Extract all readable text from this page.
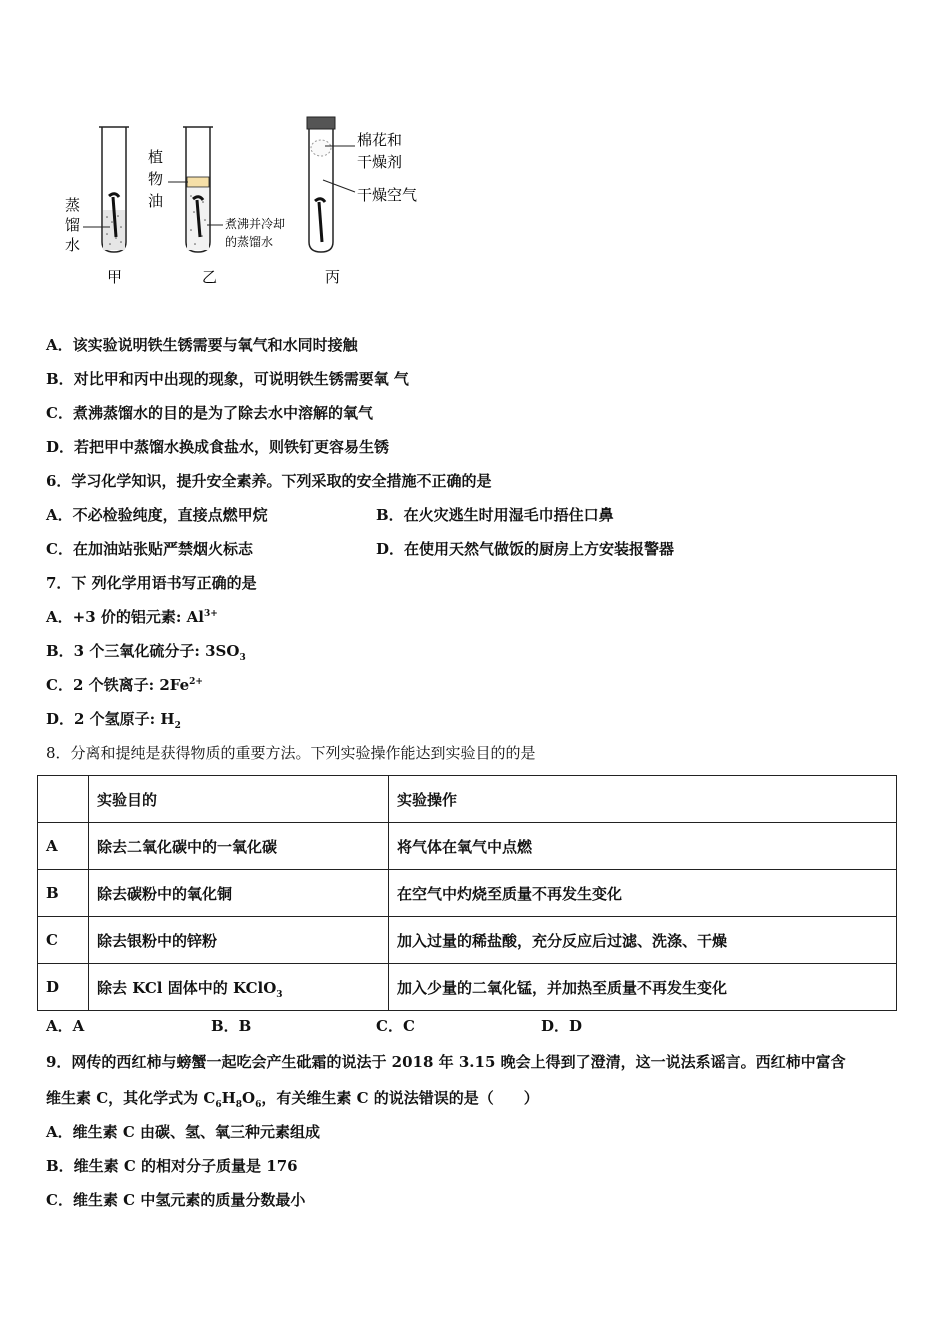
蒸
馏
水
甲
植
物
油
煮沸并冷却
的蒸馏水
乙
棉花和
干燥剂
干燥空气
丙
A．该实验说明铁生锈需要与氧气和水同时接触
B．对比甲和丙中出现的现象，可说明铁生锈需要氧 气
C．煮沸蒸馏水的目的是为了除去水中溶解的氧气
D．若把甲中蒸馏水换成食盐水，则铁钉更容易生锈
6．学习化学知识，提升安全素养。下列采取的安全措施不正确的是
A．不必检验纯度，直接点燃甲烷	B．在火灾逃生时用湿毛巾捂住口鼻
C．在加油站张贴严禁烟火标志	D．在使用天然气做饭的厨房上方安装报警器
7．下 列化学用语书写正确的是
A．+3 价的铝元素: $Al^{3+}$
B．3 个三氧化硫分子: $3SO_3$
C．2 个铁离子: $2Fe^{2+}$
D．2 个氢原子: $H_2$
8．分离和提纯是获得物质的重要方法。下列实验操作能达到实验目的的是
	实验目的	实验操作
A	除去二氧化碳中的一氧化碳	将气体在氧气中点燃
B	除去碳粉中的氧化铜	在空气中灼烧至质量不再发生变化
C	除去银粉中的锌粉	加入过量的稀盐酸，充分反应后过滤、洗涤、干燥
D	除去 KCl 固体中的 KClO$_3$	加入少量的二氧化锰，并加热至质量不再发生变化
A．A	B．B	C．C	D．D
9．网传的西红柿与螃蟹一起吃会产生砒霜的说法于 2018 年 3.15 晚会上得到了澄清，这一说法系谣言。西红柿中富含
维生素 C，其化学式为 $C_6H_8O_6$，有关维生素 C 的说法错误的是（　　）
A．维生素 C 由碳、氢、氧三种元素组成
B．维生素 C 的相对分子质量是 176
C．维生素 C 中氢元素的质量分数最小
